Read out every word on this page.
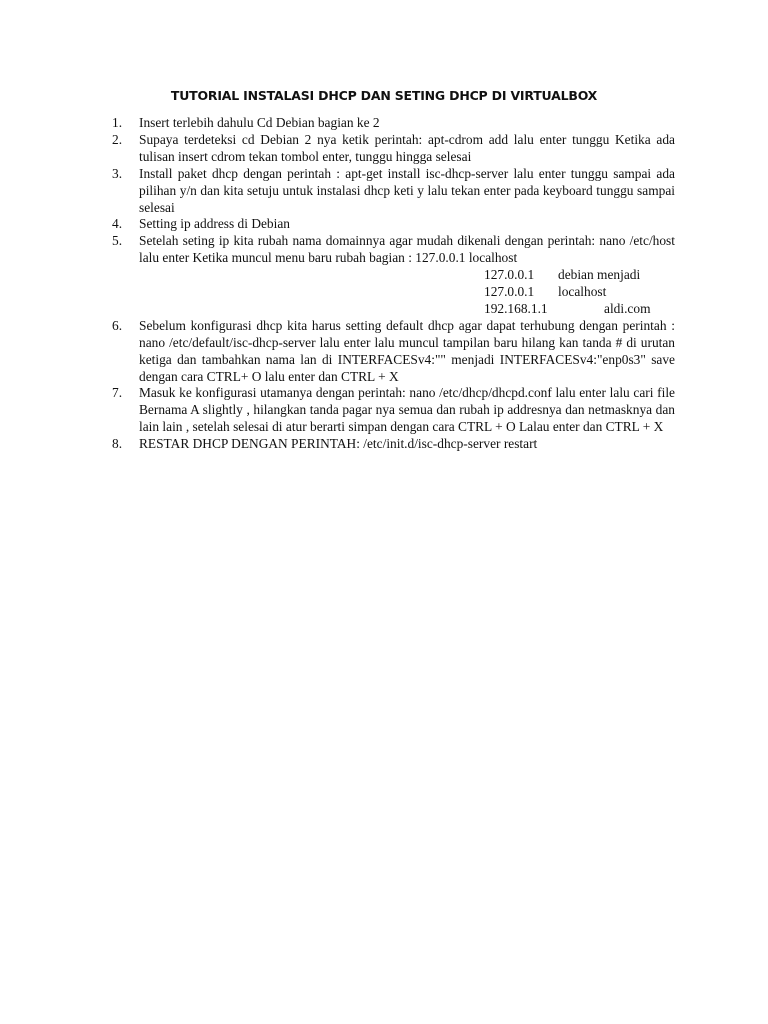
TUTORIAL INSTALASI DHCP DAN SETING DHCP DI VIRTUALBOX
1. Insert terlebih dahulu Cd Debian bagian ke 2
2. Supaya terdeteksi cd Debian 2 nya ketik perintah: apt-cdrom add lalu enter tunggu Ketika ada tulisan insert cdrom tekan tombol enter, tunggu hingga selesai
3. Install paket dhcp dengan perintah : apt-get install isc-dhcp-server lalu enter tunggu sampai ada pilihan y/n dan kita setuju untuk instalasi dhcp keti y lalu tekan enter pada keyboard tunggu sampai selesai
4. Setting ip address di Debian
5. Setelah seting ip kita rubah nama domainnya agar mudah dikenali dengan perintah: nano /etc/host lalu enter Ketika muncul menu baru rubah bagian : 127.0.0.1 localhost
127.0.0.1 debian menjadi
127.0.0.1 localhost
192.168.1.1	aldi.com
6. Sebelum konfigurasi dhcp kita harus setting default dhcp agar dapat terhubung dengan perintah : nano /etc/default/isc-dhcp-server lalu enter lalu muncul tampilan baru hilang kan tanda # di urutan ketiga dan tambahkan nama lan di INTERFACESv4:"" menjadi INTERFACESv4:"enp0s3" save dengan cara CTRL+ O lalu enter dan CTRL + X
7. Masuk ke konfigurasi utamanya dengan perintah: nano /etc/dhcp/dhcpd.conf lalu enter lalu cari file Bernama A slightly , hilangkan tanda pagar nya semua dan rubah ip addresnya dan netmasknya dan lain lain , setelah selesai di atur berarti simpan dengan cara CTRL + O Lalau enter dan CTRL + X
8. RESTAR DHCP DENGAN PERINTAH: /etc/init.d/isc-dhcp-server restart
